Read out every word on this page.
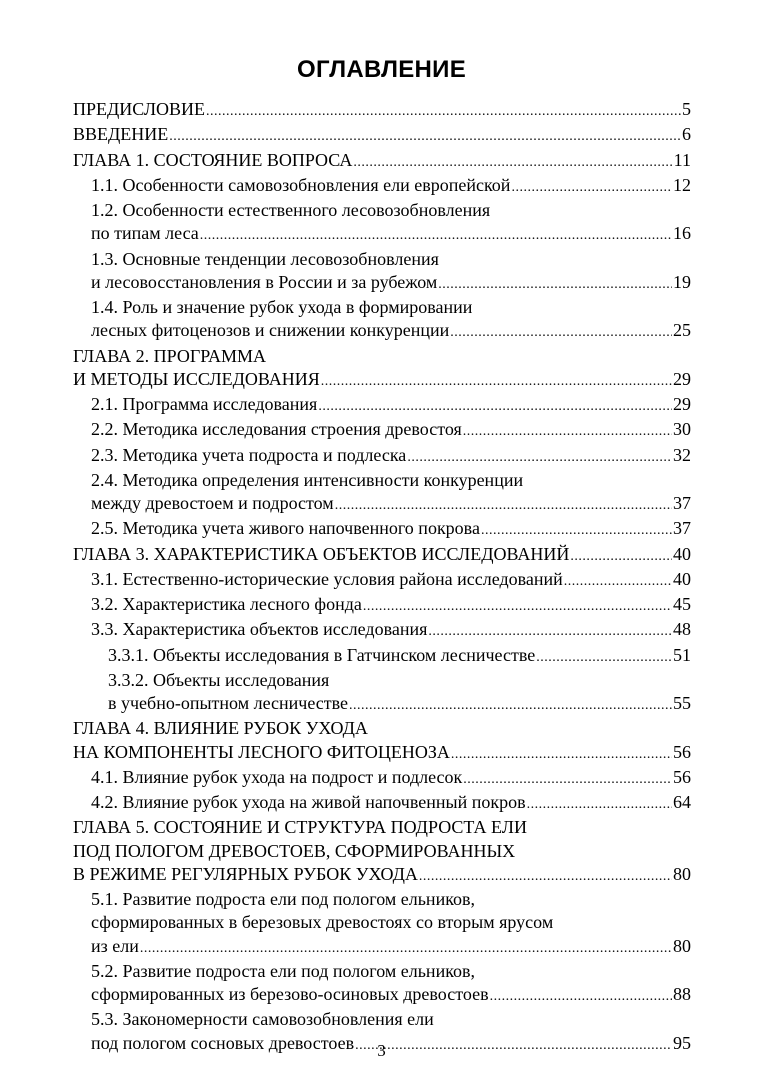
ОГЛАВЛЕНИЕ
ПРЕДИСЛОВИЕ .....	5
ВВЕДЕНИЕ .....	6
ГЛАВА 1. СОСТОЯНИЕ ВОПРОСА .....	11
1.1. Особенности самовозобновления ели европейской .....	12
1.2. Особенности естественного лесовозобновления
по типам леса .....	16
1.3. Основные тенденции лесовозобновления
и лесовосстановления в России и за рубежом .....	19
1.4. Роль и значение рубок ухода в формировании
лесных фитоценозов и снижении конкуренции .....	25
ГЛАВА 2. ПРОГРАММА
И МЕТОДЫ ИССЛЕДОВАНИЯ .....	29
2.1. Программа исследования .....	29
2.2. Методика исследования строения древостоя .....	30
2.3. Методика учета подроста и подлеска .....	32
2.4. Методика определения интенсивности конкуренции
между древостоем и подростом .....	37
2.5. Методика учета живого напочвенного покрова .....	37
ГЛАВА 3. ХАРАКТЕРИСТИКА ОБЪЕКТОВ ИССЛЕДОВАНИЙ .....	40
3.1. Естественно-исторические условия района исследований .....	40
3.2. Характеристика лесного фонда .....	45
3.3. Характеристика объектов исследования .....	48
3.3.1. Объекты исследования в Гатчинском лесничестве .....	51
3.3.2. Объекты исследования
в учебно-опытном лесничестве .....	55
ГЛАВА 4. ВЛИЯНИЕ РУБОК УХОДА
НА КОМПОНЕНТЫ ЛЕСНОГО ФИТОЦЕНОЗА .....	56
4.1. Влияние рубок ухода на подрост и подлесок .....	56
4.2. Влияние рубок ухода на живой напочвенный покров .....	64
ГЛАВА 5. СОСТОЯНИЕ И СТРУКТУРА ПОДРОСТА ЕЛИ
ПОД ПОЛОГОМ ДРЕВОСТОЕВ, СФОРМИРОВАННЫХ
В РЕЖИМЕ РЕГУЛЯРНЫХ РУБОК УХОДА .....	80
5.1. Развитие подроста ели под пологом ельников,
сформированных в березовых древостоях со вторым ярусом
из ели .....	80
5.2. Развитие подроста ели под пологом ельников,
сформированных из березово-осиновых древостоев .....	88
5.3. Закономерности самовозобновления ели
под пологом сосновых древостоев .....	95
3
